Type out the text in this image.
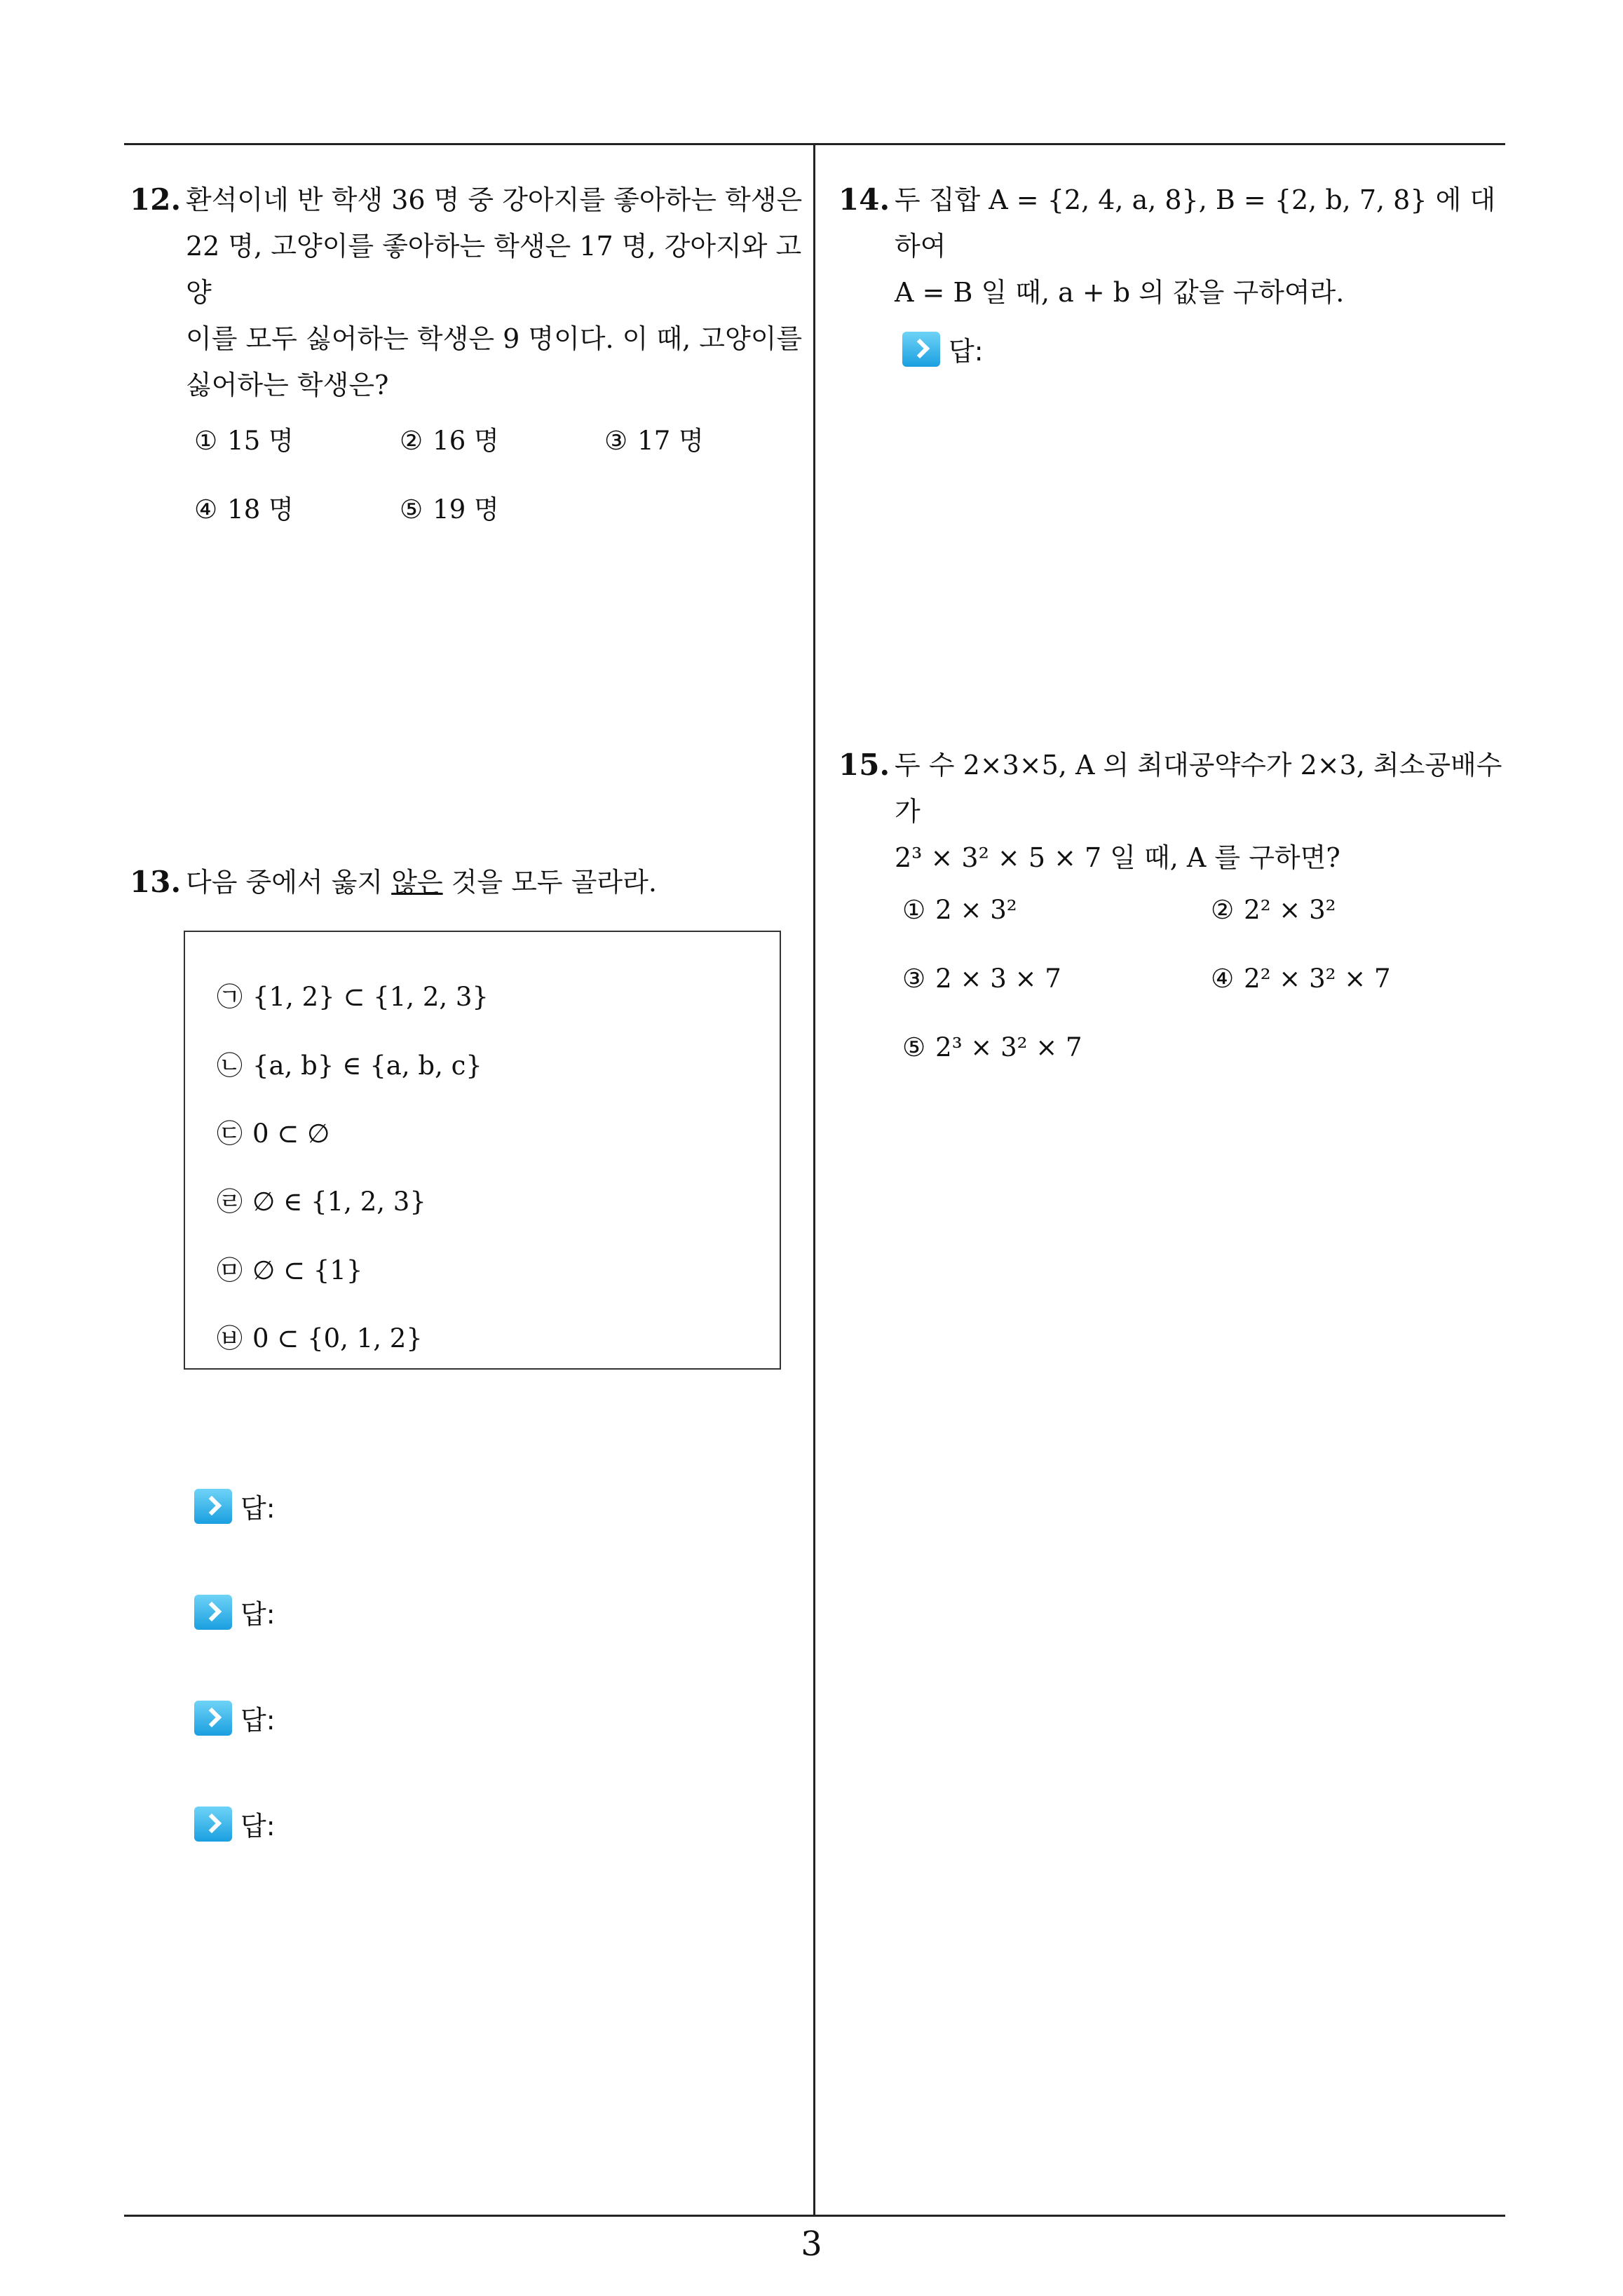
12. 환석이네 반 학생 36 명 중 강아지를 좋아하는 학생은
22 명, 고양이를 좋아하는 학생은 17 명, 강아지와 고양
이를 모두 싫어하는 학생은 9 명이다. 이 때, 고양이를
싫어하는 학생은?
① 15 명	② 16 명	③ 17 명
④ 18 명	⑤ 19 명
13. 다음 중에서 옳지 않은 것을 모두 골라라.
㉠ {1, 2} ⊂ {1, 2, 3}
㉡ {a, b} ∈ {a, b, c}
㉢ 0 ⊂ ∅
㉣ ∅ ∈ {1, 2, 3}
㉤ ∅ ⊂ {1}
㉥ 0 ⊂ {0, 1, 2}
답:
답:
답:
답:
14. 두 집합 A = {2, 4, a, 8}, B = {2, b, 7, 8} 에 대하여
A = B 일 때, a + b 의 값을 구하여라.
답:
15. 두 수 2×3×5, A 의 최대공약수가 2×3, 최소공배수가
2³ × 3² × 5 × 7 일 때, A 를 구하면?
① 2 × 3²	② 2² × 3²
③ 2 × 3 × 7	④ 2² × 3² × 7
⑤ 2³ × 3² × 7
3
